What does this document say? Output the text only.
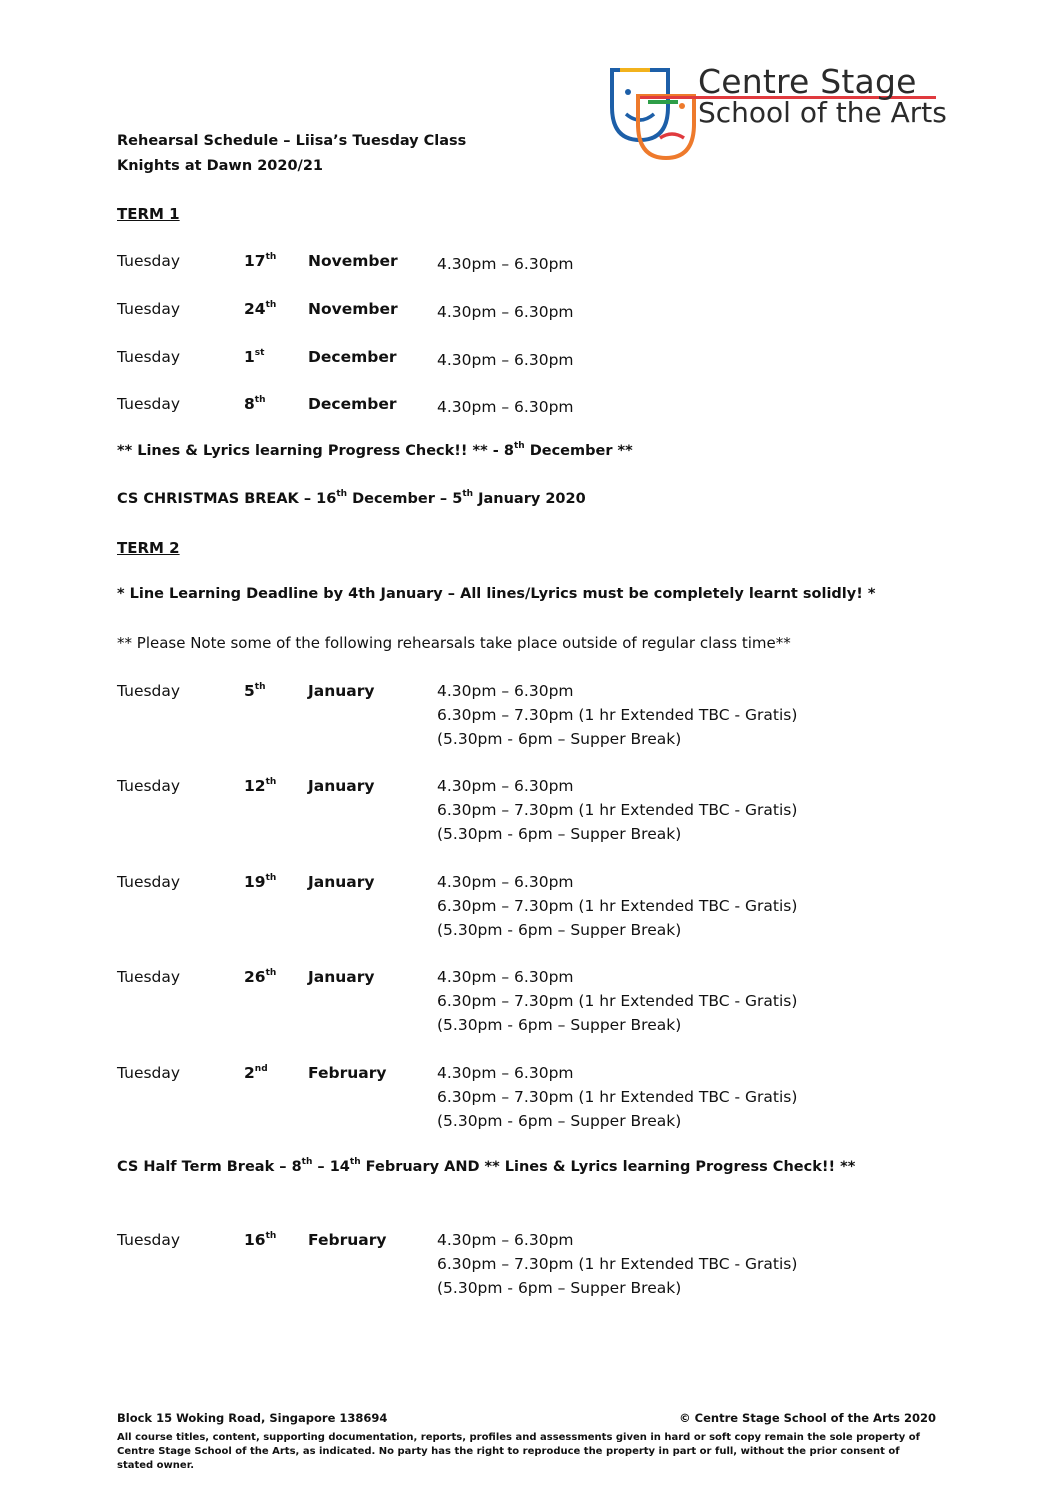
Centre Stage
School of the Arts
Rehearsal Schedule – Liisa’s Tuesday Class
Knights at Dawn 2020/21
TERM 1
Tuesday	17th November	4.30pm – 6.30pm
Tuesday	24th November	4.30pm – 6.30pm
Tuesday	1st	December	4.30pm – 6.30pm
Tuesday	8th	December	4.30pm – 6.30pm
** Lines & Lyrics learning Progress Check!! ** - 8th December **
CS CHRISTMAS BREAK – 16th December – 5th January 2020
TERM 2
* Line Learning Deadline by 4th January – All lines/Lyrics must be completely learnt solidly! *
** Please Note some of the following rehearsals take place outside of regular class time**
Tuesday	5th	January	4.30pm – 6.30pm
6.30pm – 7.30pm (1 hr Extended TBC - Gratis)
(5.30pm - 6pm – Supper Break)
Tuesday	12th January	4.30pm – 6.30pm
6.30pm – 7.30pm (1 hr Extended TBC - Gratis)
(5.30pm - 6pm – Supper Break)
Tuesday	19th January	4.30pm – 6.30pm
6.30pm – 7.30pm (1 hr Extended TBC - Gratis)
(5.30pm - 6pm – Supper Break)
Tuesday	26th January	4.30pm – 6.30pm
6.30pm – 7.30pm (1 hr Extended TBC - Gratis)
(5.30pm - 6pm – Supper Break)
Tuesday	2nd	February	4.30pm – 6.30pm
6.30pm – 7.30pm (1 hr Extended TBC - Gratis)
(5.30pm - 6pm – Supper Break)
CS Half Term Break – 8th – 14th February AND ** Lines & Lyrics learning Progress Check!! **
Tuesday	16th February	4.30pm – 6.30pm
6.30pm – 7.30pm (1 hr Extended TBC - Gratis)
(5.30pm - 6pm – Supper Break)
Block 15 Woking Road, Singapore 138694	© Centre Stage School of the Arts 2020
All course titles, content, supporting documentation, reports, profiles and assessments given in hard or soft copy remain the sole property of Centre Stage School of the Arts, as indicated. No party has the right to reproduce the property in part or full, without the prior consent of stated owner.
